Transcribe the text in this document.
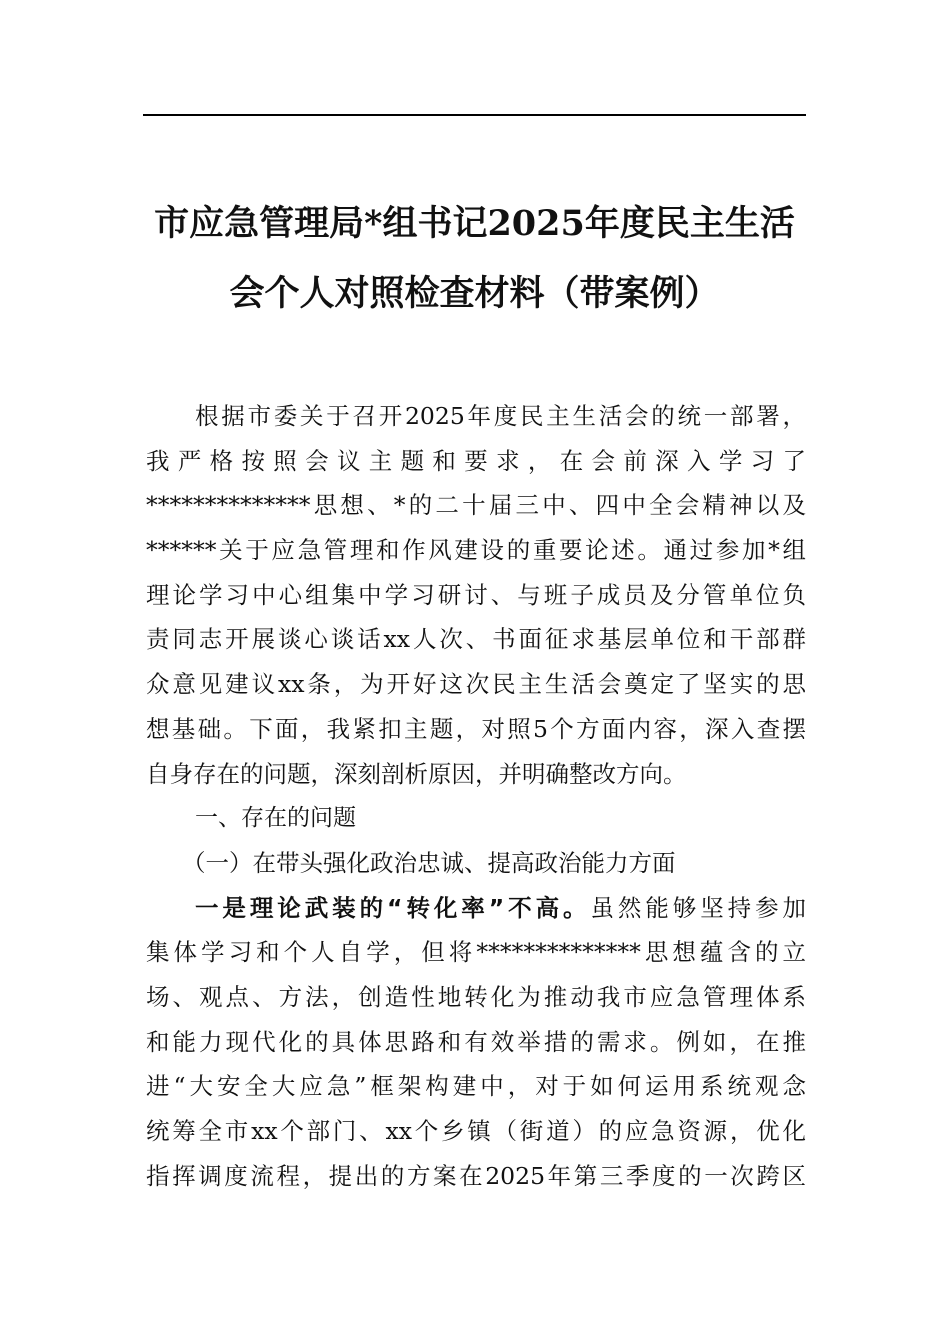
市应急管理局*组书记2025年度民主生活
会个人对照检查材料（带案例）
根据市委关于召开2025年度民主生活会的统一部署，
我严格按照会议主题和要求，在会前深入学习了
**************思想、*的二十届三中、四中全会精神以及
******关于应急管理和作风建设的重要论述。通过参加*组
理论学习中心组集中学习研讨、与班子成员及分管单位负
责同志开展谈心谈话xx人次、书面征求基层单位和干部群
众意见建议xx条，为开好这次民主生活会奠定了坚实的思
想基础。下面，我紧扣主题，对照5个方面内容，深入查摆
自身存在的问题，深刻剖析原因，并明确整改方向。
一、存在的问题
（一）在带头强化政治忠诚、提高政治能力方面
一是理论武装的“转化率”不高。虽然能够坚持参加
集体学习和个人自学，但将**************思想蕴含的立
场、观点、方法，创造性地转化为推动我市应急管理体系
和能力现代化的具体思路和有效举措的需求。例如，在推
进“大安全大应急”框架构建中，对于如何运用系统观念
统筹全市xx个部门、xx个乡镇（街道）的应急资源，优化
指挥调度流程，提出的方案在2025年第三季度的一次跨区
